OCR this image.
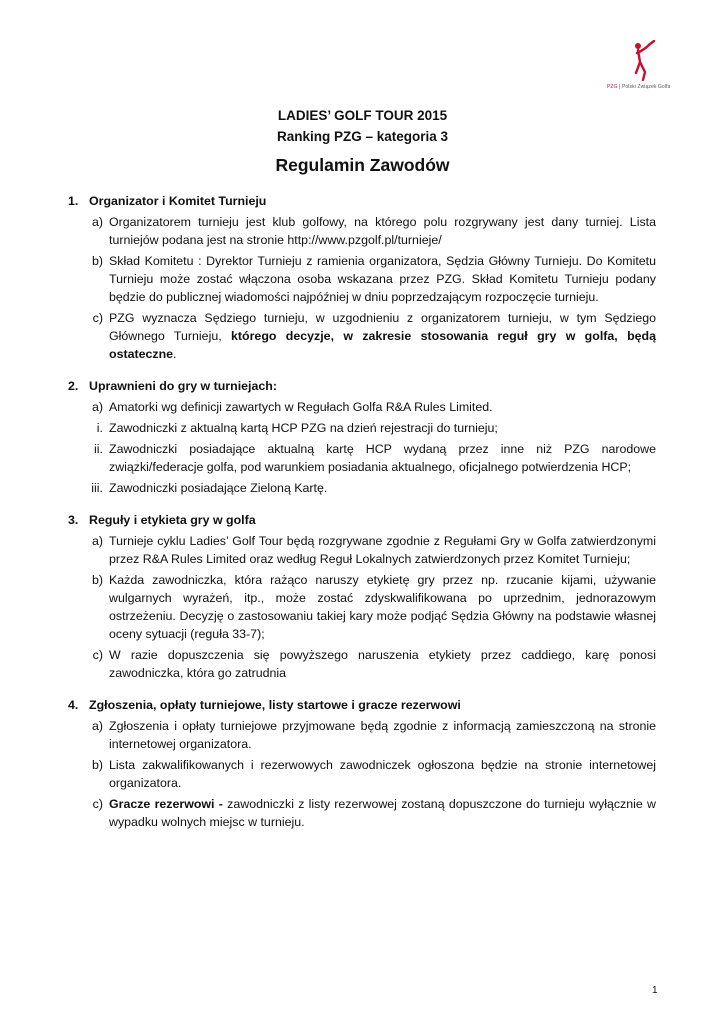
PZG | Polski Związek Golfa

LADIES’ GOLF TOUR 2015

Ranking PZG – kategoria 3

Regulamin Zawodów

1. Organizator i Komitet Turnieju
a) Organizatorem turnieju jest klub golfowy, na którego polu rozgrywany jest dany turniej. Lista turniejów podana jest na stronie http://www.pzgolf.pl/turnieje/
b) Skład Komitetu : Dyrektor Turnieju z ramienia organizatora, Sędzia Główny Turnieju. Do Komitetu Turnieju może zostać włączona osoba wskazana przez PZG. Skład Komitetu Turnieju podany będzie do publicznej wiadomości najpóźniej w dniu poprzedzającym rozpoczęcie turnieju.
c) PZG wyznacza Sędziego turnieju, w uzgodnieniu z organizatorem turnieju, w tym Sędziego Głównego Turnieju, którego decyzje, w zakresie stosowania reguł gry w golfa, będą ostateczne.
2. Uprawnieni do gry w turniejach:
a) Amatorki wg definicji zawartych w Regułach Golfa R&A Rules Limited.
i. Zawodniczki z aktualną kartą HCP PZG na dzień rejestracji do turnieju;
ii. Zawodniczki posiadające aktualną kartę HCP wydaną przez inne niż PZG narodowe związki/federacje golfa, pod warunkiem posiadania aktualnego, oficjalnego potwierdzenia HCP;
iii. Zawodniczki posiadające Zieloną Kartę.
3. Reguły i etykieta gry w golfa
a) Turnieje cyklu Ladies’ Golf Tour będą rozgrywane zgodnie z Regułami Gry w Golfa zatwierdzonymi przez R&A Rules Limited oraz według Reguł Lokalnych zatwierdzonych przez Komitet Turnieju;
b) Każda zawodniczka, która rażąco naruszy etykietę gry przez np. rzucanie kijami, używanie wulgarnych wyrażeń, itp., może zostać zdyskwalifikowana po uprzednim, jednorazowym ostrzeżeniu. Decyzję o zastosowaniu takiej kary może podjąć Sędzia Główny na podstawie własnej oceny sytuacji (reguła 33-7);
c) W razie dopuszczenia się powyższego naruszenia etykiety przez caddiego, karę ponosi zawodniczka, która go zatrudnia
4. Zgłoszenia, opłaty turniejowe, listy startowe i gracze rezerwowi
a) Zgłoszenia i opłaty turniejowe przyjmowane będą zgodnie z informacją zamieszczoną na stronie internetowej organizatora.
b) Lista zakwalifikowanych i rezerwowych zawodniczek ogłoszona będzie na stronie internetowej organizatora.
c) Gracze rezerwowi - zawodniczki z listy rezerwowej zostaną dopuszczone do turnieju wyłącznie w wypadku wolnych miejsc w turnieju.
1
